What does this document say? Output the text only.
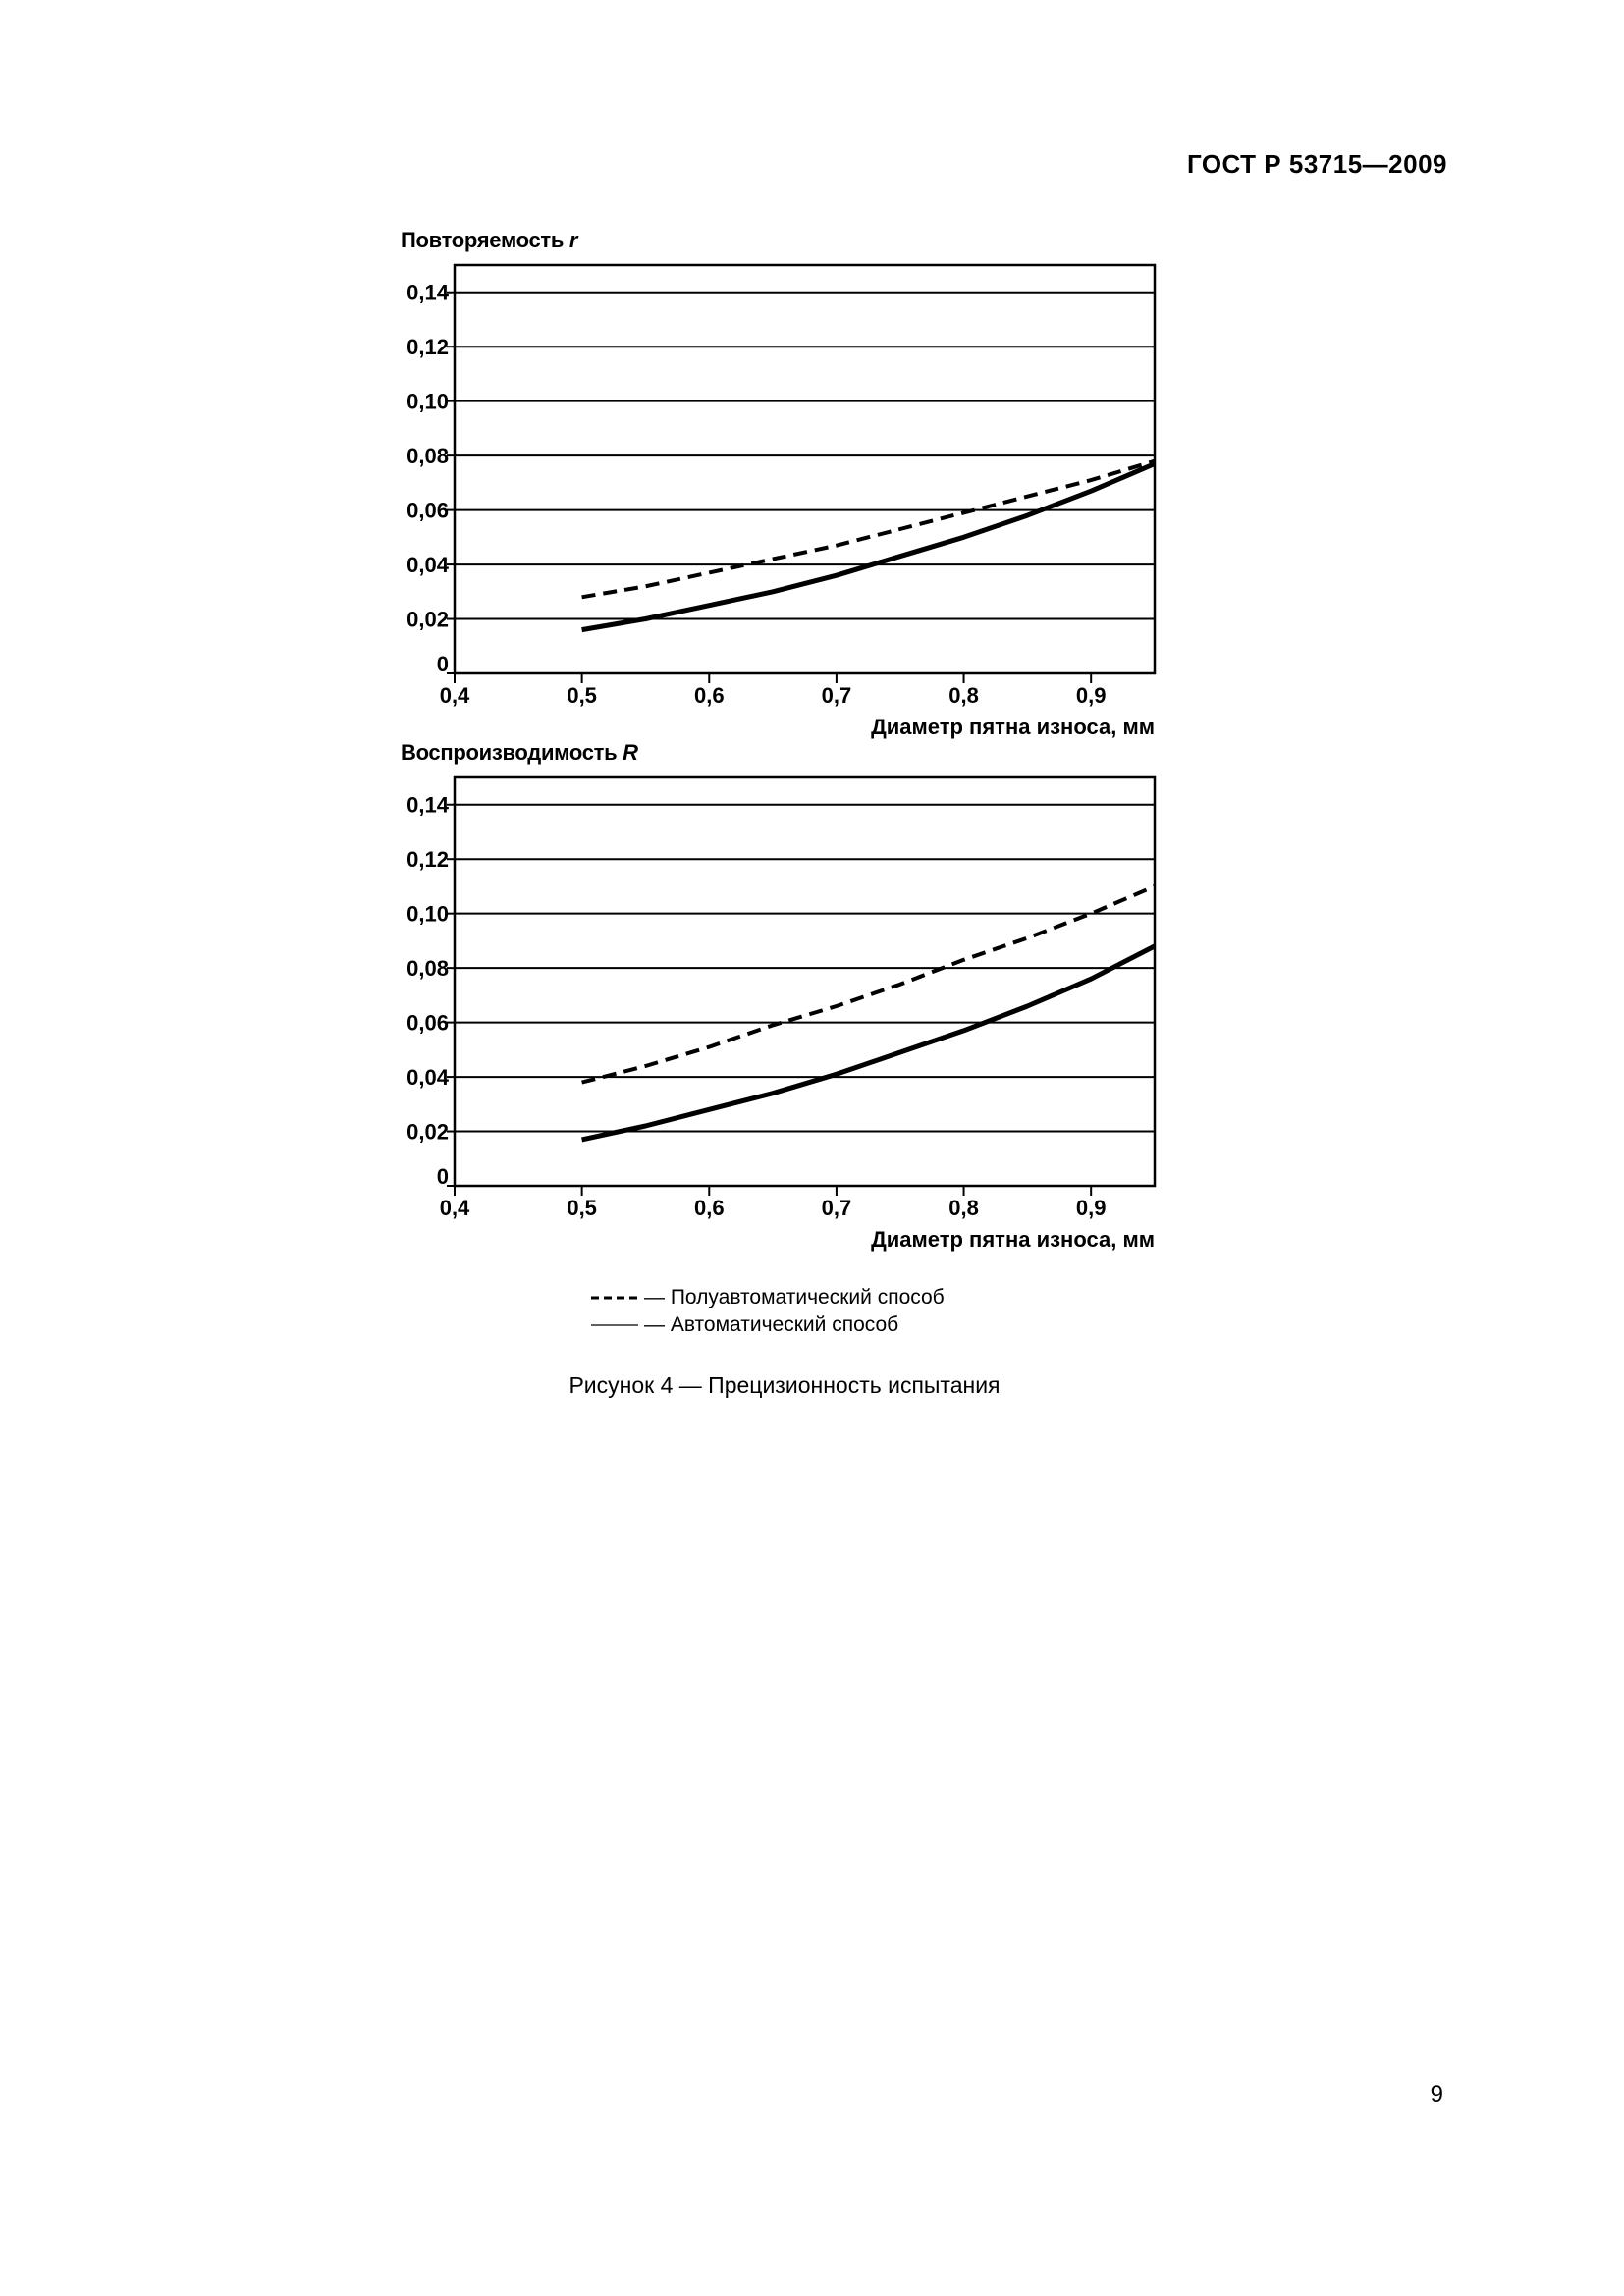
ГОСТ Р 53715—2009
Повторяемость r
0
0,02
0,04
0,06
0,08
0,10
0,12
0,14
0,4	0,5	0,6	0,7	0,8	0,9
Диаметр пятна износа, мм
Воспроизводимость R
0
0,02
0,04
0,06
0,08
0,10
0,12
0,14
0,4	0,5	0,6	0,7	0,8	0,9
Диаметр пятна износа, мм
— Полуавтоматический способ
— Автоматический способ
Рисунок 4 — Прецизионность испытания
9
